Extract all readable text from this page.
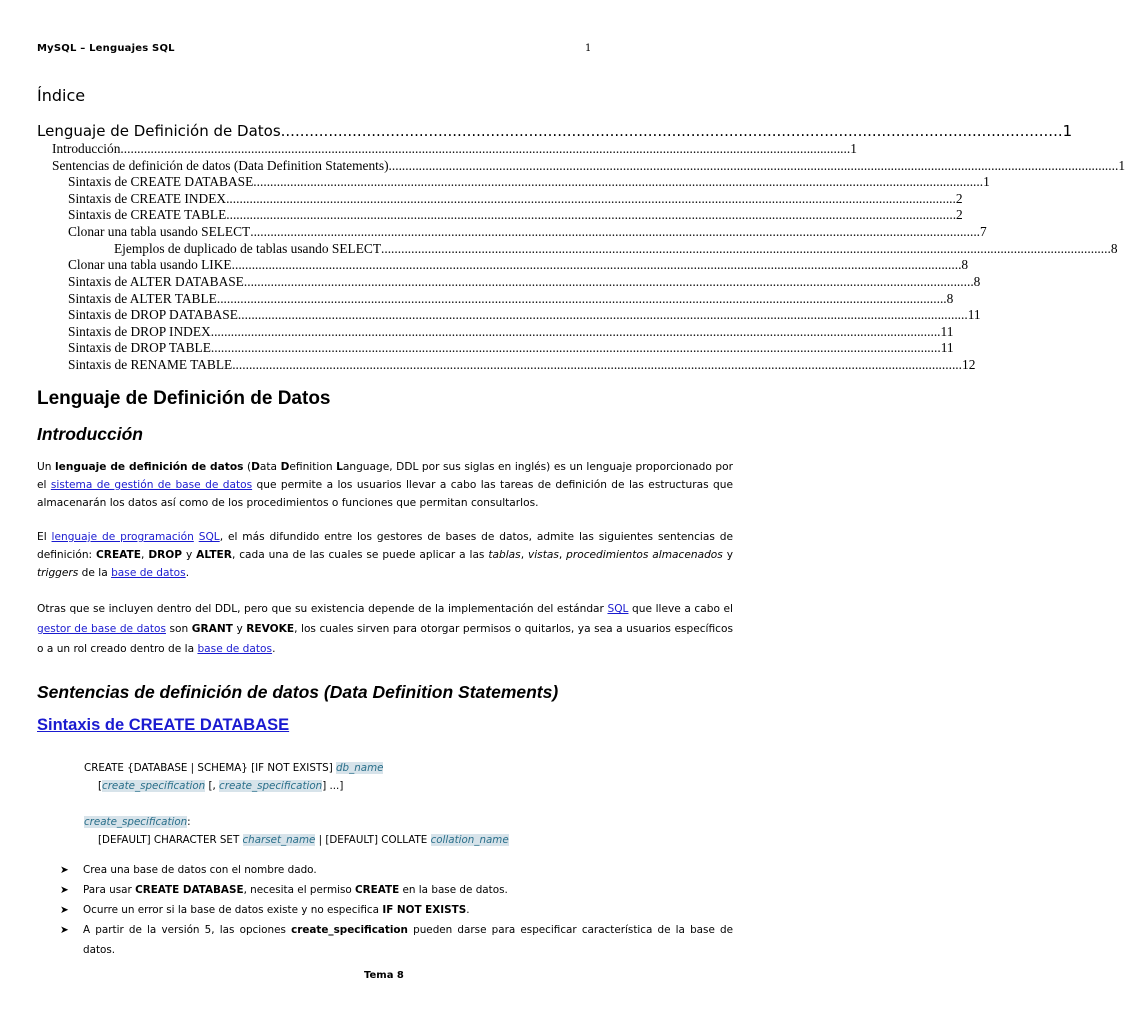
MySQL – Lenguajes SQL	1
Índice
Lenguaje de Definición de Datos .................................................................................................................................................................... 1
Introducción .......................................................................................................................................................................................................................... 1
Sentencias de definición de datos (Data Definition Statements) .......................................................................................................................................................................................................................... 1
Sintaxis de CREATE DATABASE .......................................................................................................................................................................................................................... 1
Sintaxis de CREATE INDEX .......................................................................................................................................................................................................................... 2
Sintaxis de CREATE TABLE .......................................................................................................................................................................................................................... 2
Clonar una tabla usando SELECT .......................................................................................................................................................................................................................... 7
Ejemplos de duplicado de tablas usando SELECT .......................................................................................................................................................................................................................... 8
Clonar una tabla usando LIKE .......................................................................................................................................................................................................................... 8
Sintaxis de ALTER DATABASE .......................................................................................................................................................................................................................... 8
Sintaxis de ALTER TABLE .......................................................................................................................................................................................................................... 8
Sintaxis de DROP DATABASE .......................................................................................................................................................................................................................... 11
Sintaxis de DROP INDEX .......................................................................................................................................................................................................................... 11
Sintaxis de DROP TABLE .......................................................................................................................................................................................................................... 11
Sintaxis de RENAME TABLE .......................................................................................................................................................................................................................... 12
Lenguaje de Definición de Datos
Introducción
Un lenguaje de definición de datos (Data Definition Language, DDL por sus siglas en inglés) es un lenguaje proporcionado por el sistema de gestión de base de datos que permite a los usuarios llevar a cabo las tareas de definición de las estructuras que almacenarán los datos así como de los procedimientos o funciones que permitan consultarlos.
El lenguaje de programación SQL, el más difundido entre los gestores de bases de datos, admite las siguientes sentencias de definición: CREATE, DROP y ALTER, cada una de las cuales se puede aplicar a las tablas, vistas, procedimientos almacenados y triggers de la base de datos.
Otras que se incluyen dentro del DDL, pero que su existencia depende de la implementación del estándar SQL que lleve a cabo el gestor de base de datos son GRANT y REVOKE, los cuales sirven para otorgar permisos o quitarlos, ya sea a usuarios específicos o a un rol creado dentro de la base de datos.
Sentencias de definición de datos (Data Definition Statements)
Sintaxis de CREATE DATABASE
CREATE {DATABASE | SCHEMA} [IF NOT EXISTS] db_name
[create_specification [, create_specification] ...]
create_specification:
[DEFAULT] CHARACTER SET charset_name | [DEFAULT] COLLATE collation_name
➤	Crea una base de datos con el nombre dado.
➤	Para usar CREATE DATABASE, necesita el permiso CREATE en la base de datos.
➤	Ocurre un error si la base de datos existe y no especifica IF NOT EXISTS.
➤	A partir de la versión 5, las opciones create_specification pueden darse para especificar característica de la base de datos.
Tema 8
